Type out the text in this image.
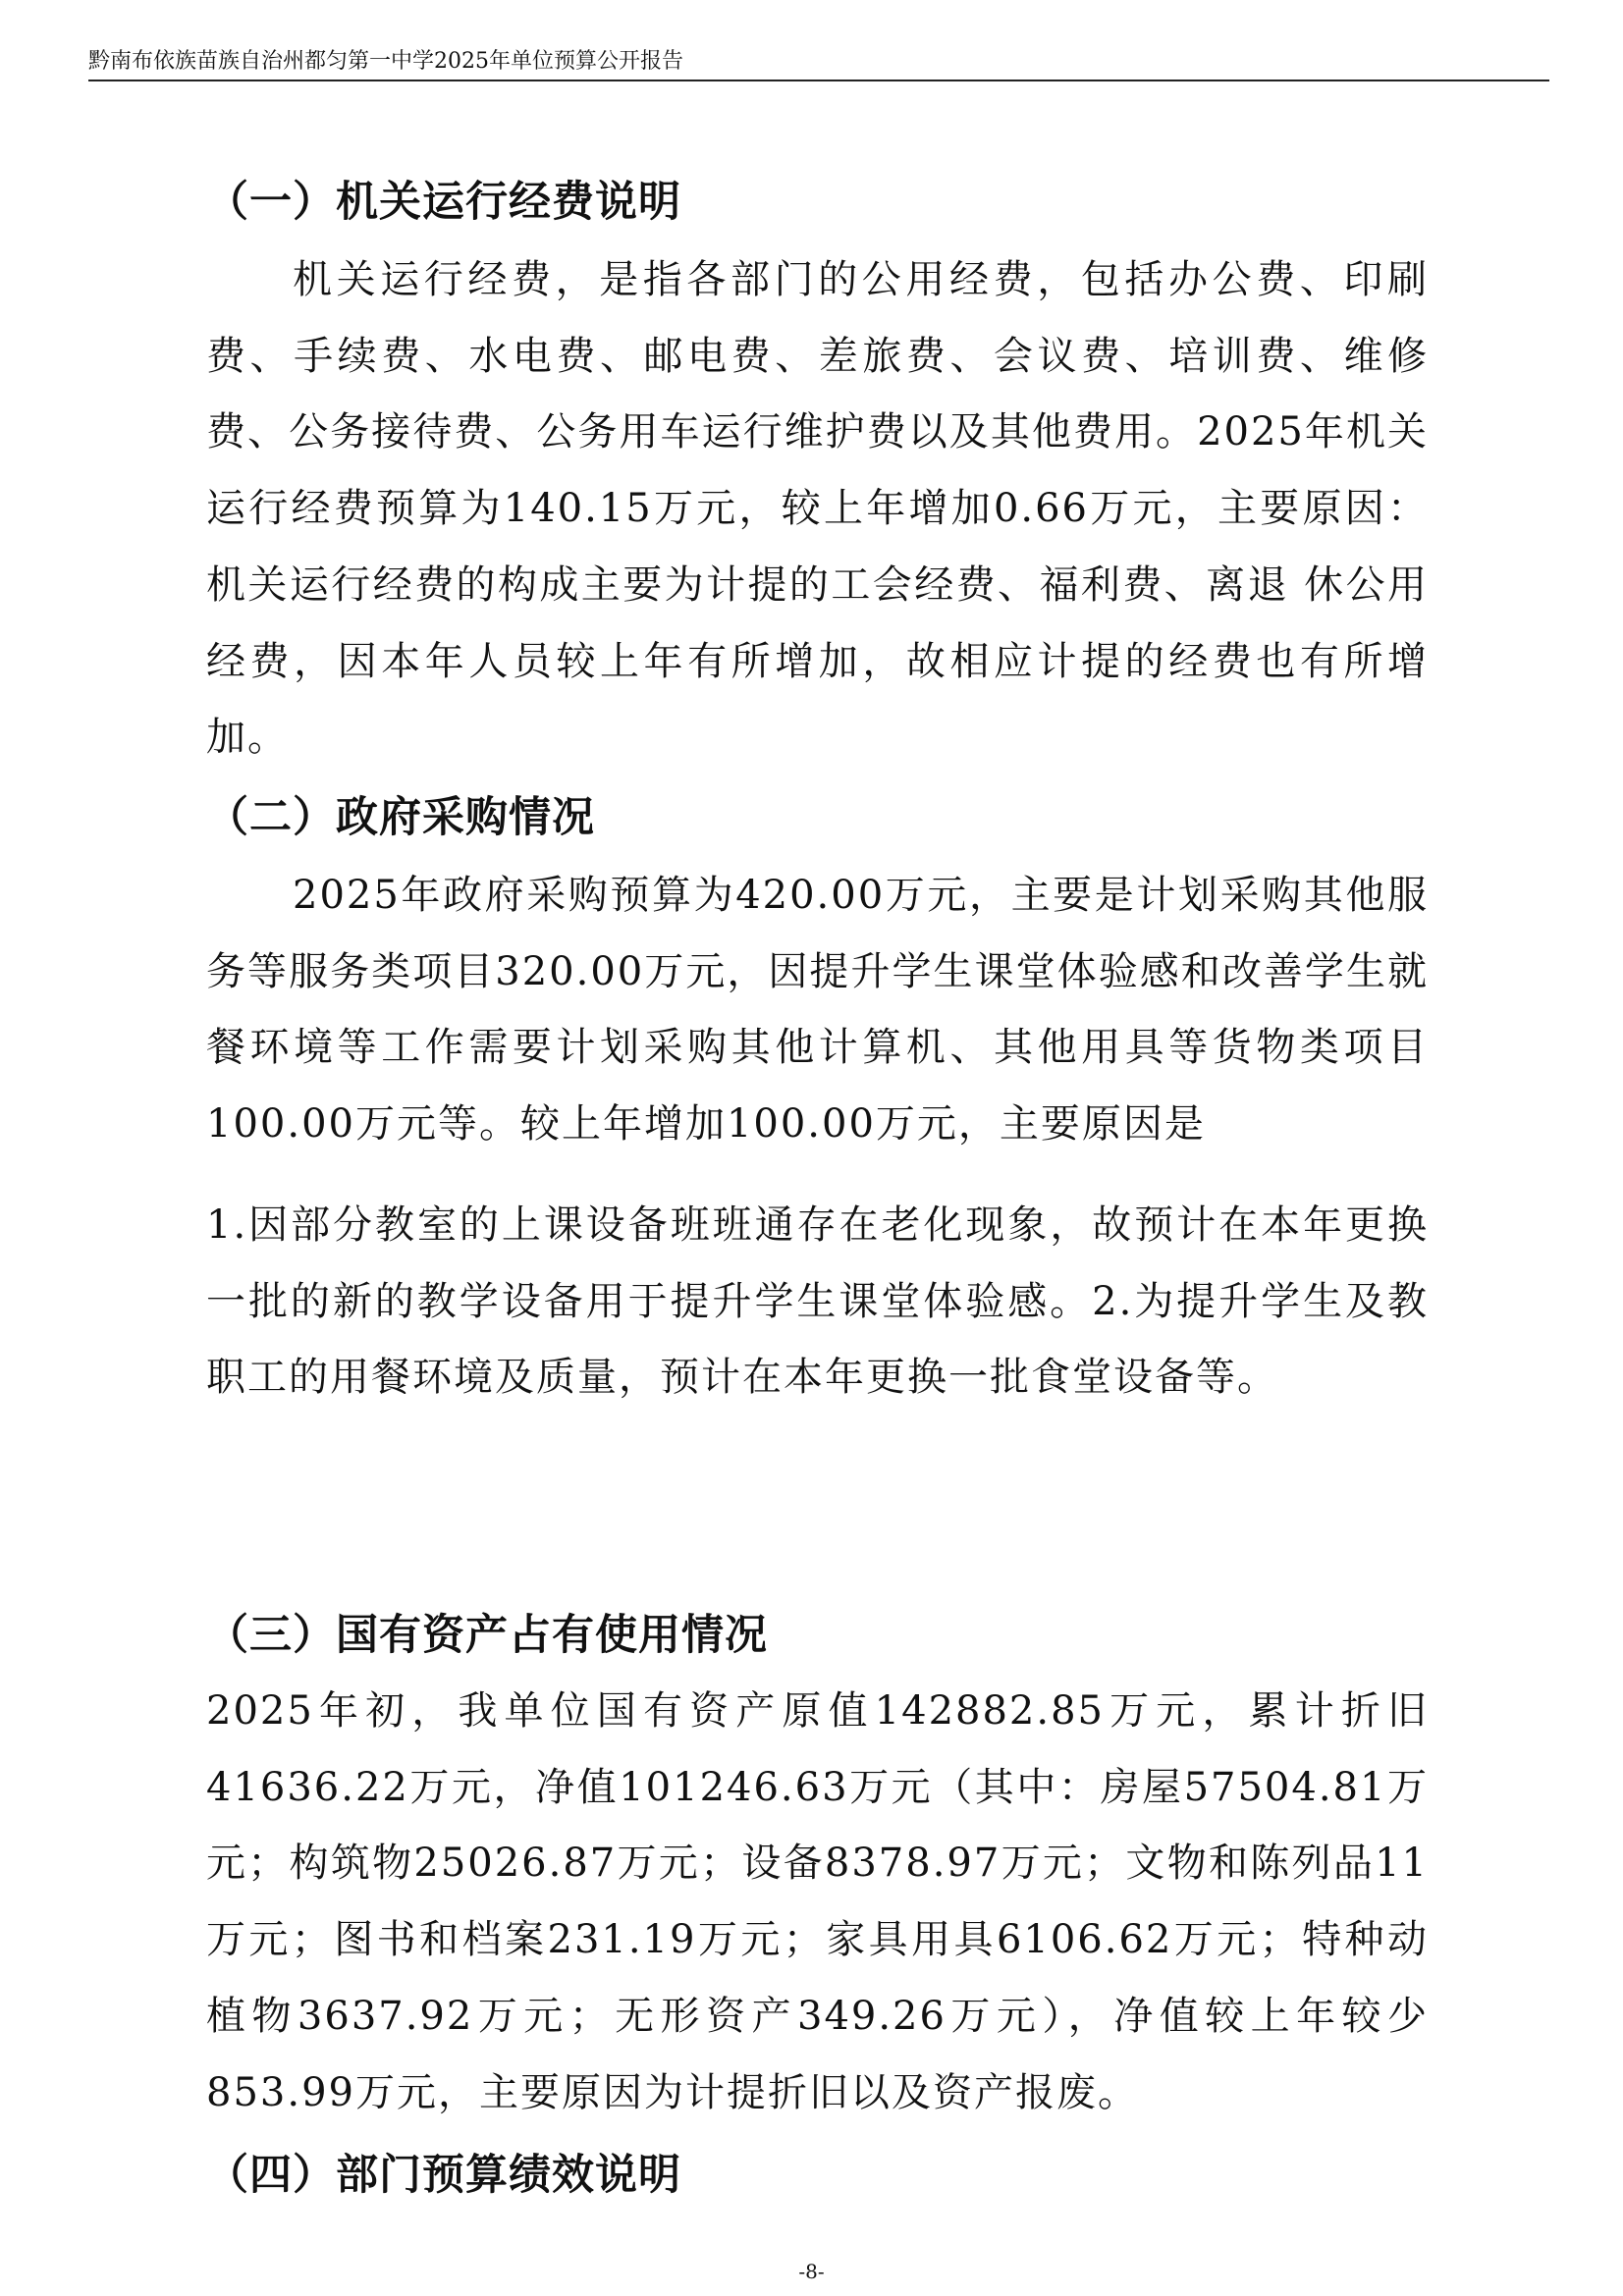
黔南布依族苗族自治州都匀第一中学2025年单位预算公开报告
（一）机关运行经费说明
机关运行经费，是指各部门的公用经费，包括办公费、印刷费、手续费、水电费、邮电费、差旅费、会议费、培训费、维修费、公务接待费、公务用车运行维护费以及其他费用。2025年机关运行经费预算为140.15万元，较上年增加0.66万元，主要原因：机关运行经费的构成主要为计提的工会经费、福利费、离退 休公用经费，因本年人员较上年有所增加，故相应计提的经费也有所增加。
（二）政府采购情况
2025年政府采购预算为420.00万元，主要是计划采购其他服务等服务类项目320.00万元，因提升学生课堂体验感和改善学生就餐环境等工作需要计划采购其他计算机、其他用具等货物类项目100.00万元等。较上年增加100.00万元，主要原因是
1.因部分教室的上课设备班班通存在老化现象，故预计在本年更换一批的新的教学设备用于提升学生课堂体验感。2.为提升学生及教职工的用餐环境及质量，预计在本年更换一批食堂设备等。
（三）国有资产占有使用情况
2025年初，我单位国有资产原值142882.85万元，累计折旧41636.22万元，净值101246.63万元（其中：房屋57504.81万元；构筑物25026.87万元；设备8378.97万元；文物和陈列品11万元；图书和档案231.19万元；家具用具6106.62万元；特种动植物3637.92万元；无形资产349.26万元），净值较上年较少853.99万元，主要原因为计提折旧以及资产报废。
（四）部门预算绩效说明
-8-
